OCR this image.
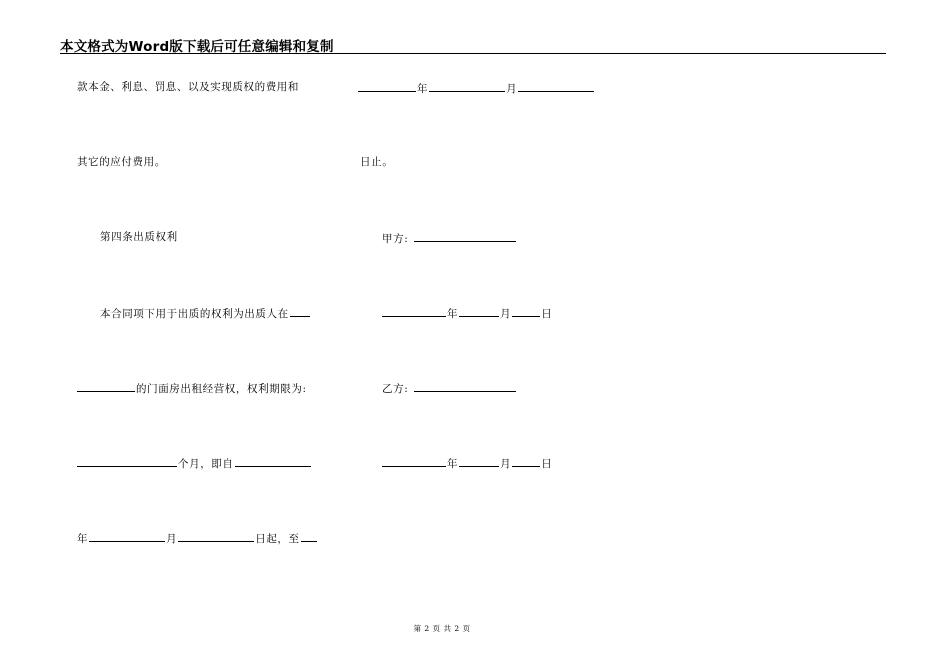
本文格式为Word版下载后可任意编辑和复制
款本金、利息、罚息、以及实现质权的费用和
其它的应付费用。
第四条出质权利
本合同项下用于出质的权利为出质人在
的门面房出租经营权，权利期限为:
个月，即自
年	月	日起，至
年	月
日止。
甲方:
年	月	日
乙方:
年	月	日
第 2 页 共 2 页
